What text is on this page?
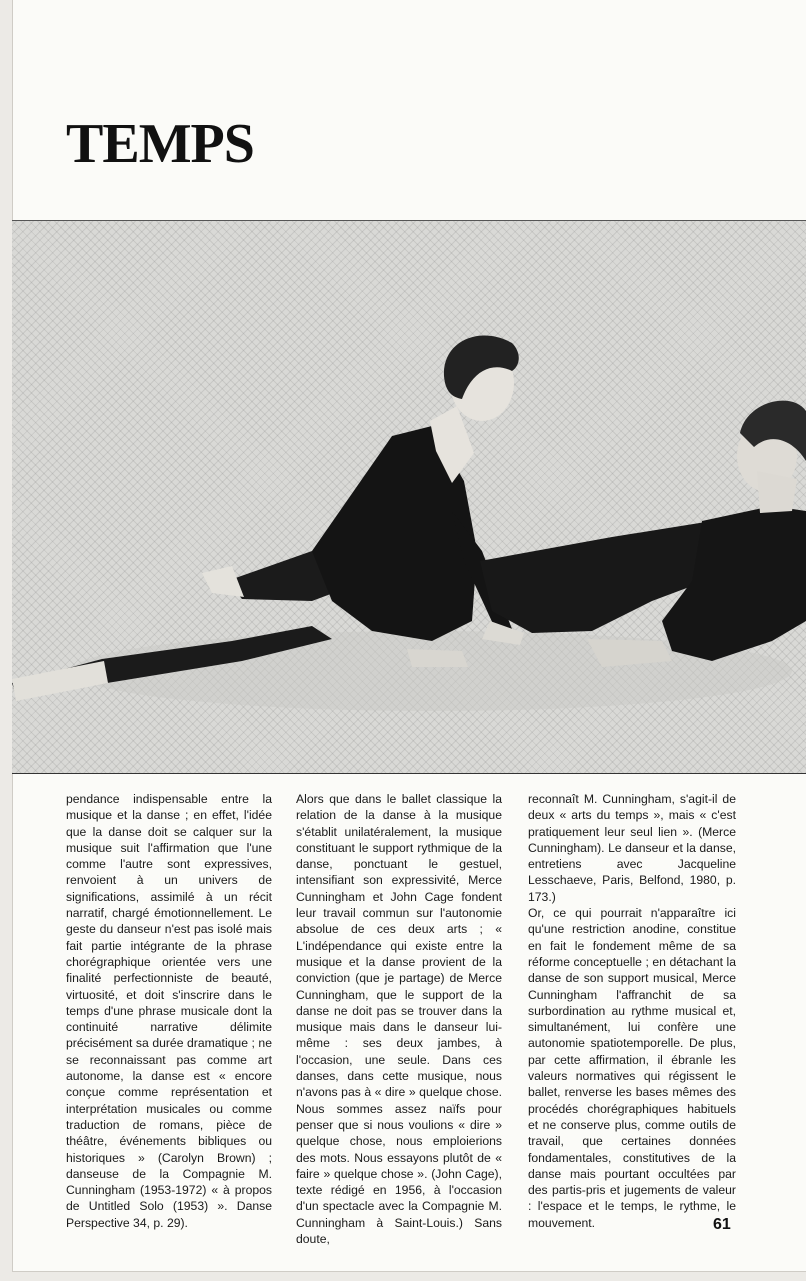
TEMPS

pendance indispensable entre la musique et la danse ; en effet, l'idée que la danse doit se calquer sur la musique suit l'affirmation que l'une comme l'autre sont expressives, renvoient à un univers de significations, assimilé à un récit narratif, chargé émotionnellement. Le geste du danseur n'est pas isolé mais fait partie intégrante de la phrase chorégraphique orientée vers une finalité perfectionniste de beauté, virtuosité, et doit s'inscrire dans le temps d'une phrase musicale dont la continuité narrative délimite précisément sa durée dramatique ; ne se reconnaissant pas comme art autonome, la danse est « encore conçue comme représentation et interprétation musicales ou comme traduction de romans, pièce de théâtre, événements bibliques ou historiques » (Carolyn Brown) ; danseuse de la Compagnie M. Cunningham (1953-1972) « à propos de Untitled Solo (1953) ». Danse Perspective 34, p. 29).

Alors que dans le ballet classique la relation de la danse à la musique s'établit unilatéralement, la musique constituant le support rythmique de la danse, ponctuant le gestuel, intensifiant son expressivité, Merce Cunningham et John Cage fondent leur travail commun sur l'autonomie absolue de ces deux arts ; « L'indépendance qui existe entre la musique et la danse provient de la conviction (que je partage) de Merce Cunningham, que le support de la danse ne doit pas se trouver dans la musique mais dans le danseur lui-même : ses deux jambes, à l'occasion, une seule. Dans ces danses, dans cette musique, nous n'avons pas à « dire » quelque chose. Nous sommes assez naïfs pour penser que si nous voulions « dire » quelque chose, nous emploierions des mots. Nous essayons plutôt de « faire » quelque chose ». (John Cage), texte rédigé en 1956, à l'occasion d'un spectacle avec la Compagnie M. Cunningham à Saint-Louis.) Sans doute,

reconnaît M. Cunningham, s'agit-il de deux « arts du temps », mais « c'est pratiquement leur seul lien ». (Merce Cunningham). Le danseur et la danse, entretiens avec Jacqueline Lesschaeve, Paris, Belfond, 1980, p. 173.)

Or, ce qui pourrait n'apparaître ici qu'une restriction anodine, constitue en fait le fondement même de sa réforme conceptuelle ; en détachant la danse de son support musical, Merce Cunningham l'affranchit de sa surbordination au rythme musical et, simultanément, lui confère une autonomie spatiotemporelle. De plus, par cette affirmation, il ébranle les valeurs normatives qui régissent le ballet, renverse les bases mêmes des procédés chorégraphiques habituels et ne conserve plus, comme outils de travail, que certaines données fondamentales, constitutives de la danse mais pourtant occultées par des partis-pris et jugements de valeur : l'espace et le temps, le rythme, le mouvement.	61
